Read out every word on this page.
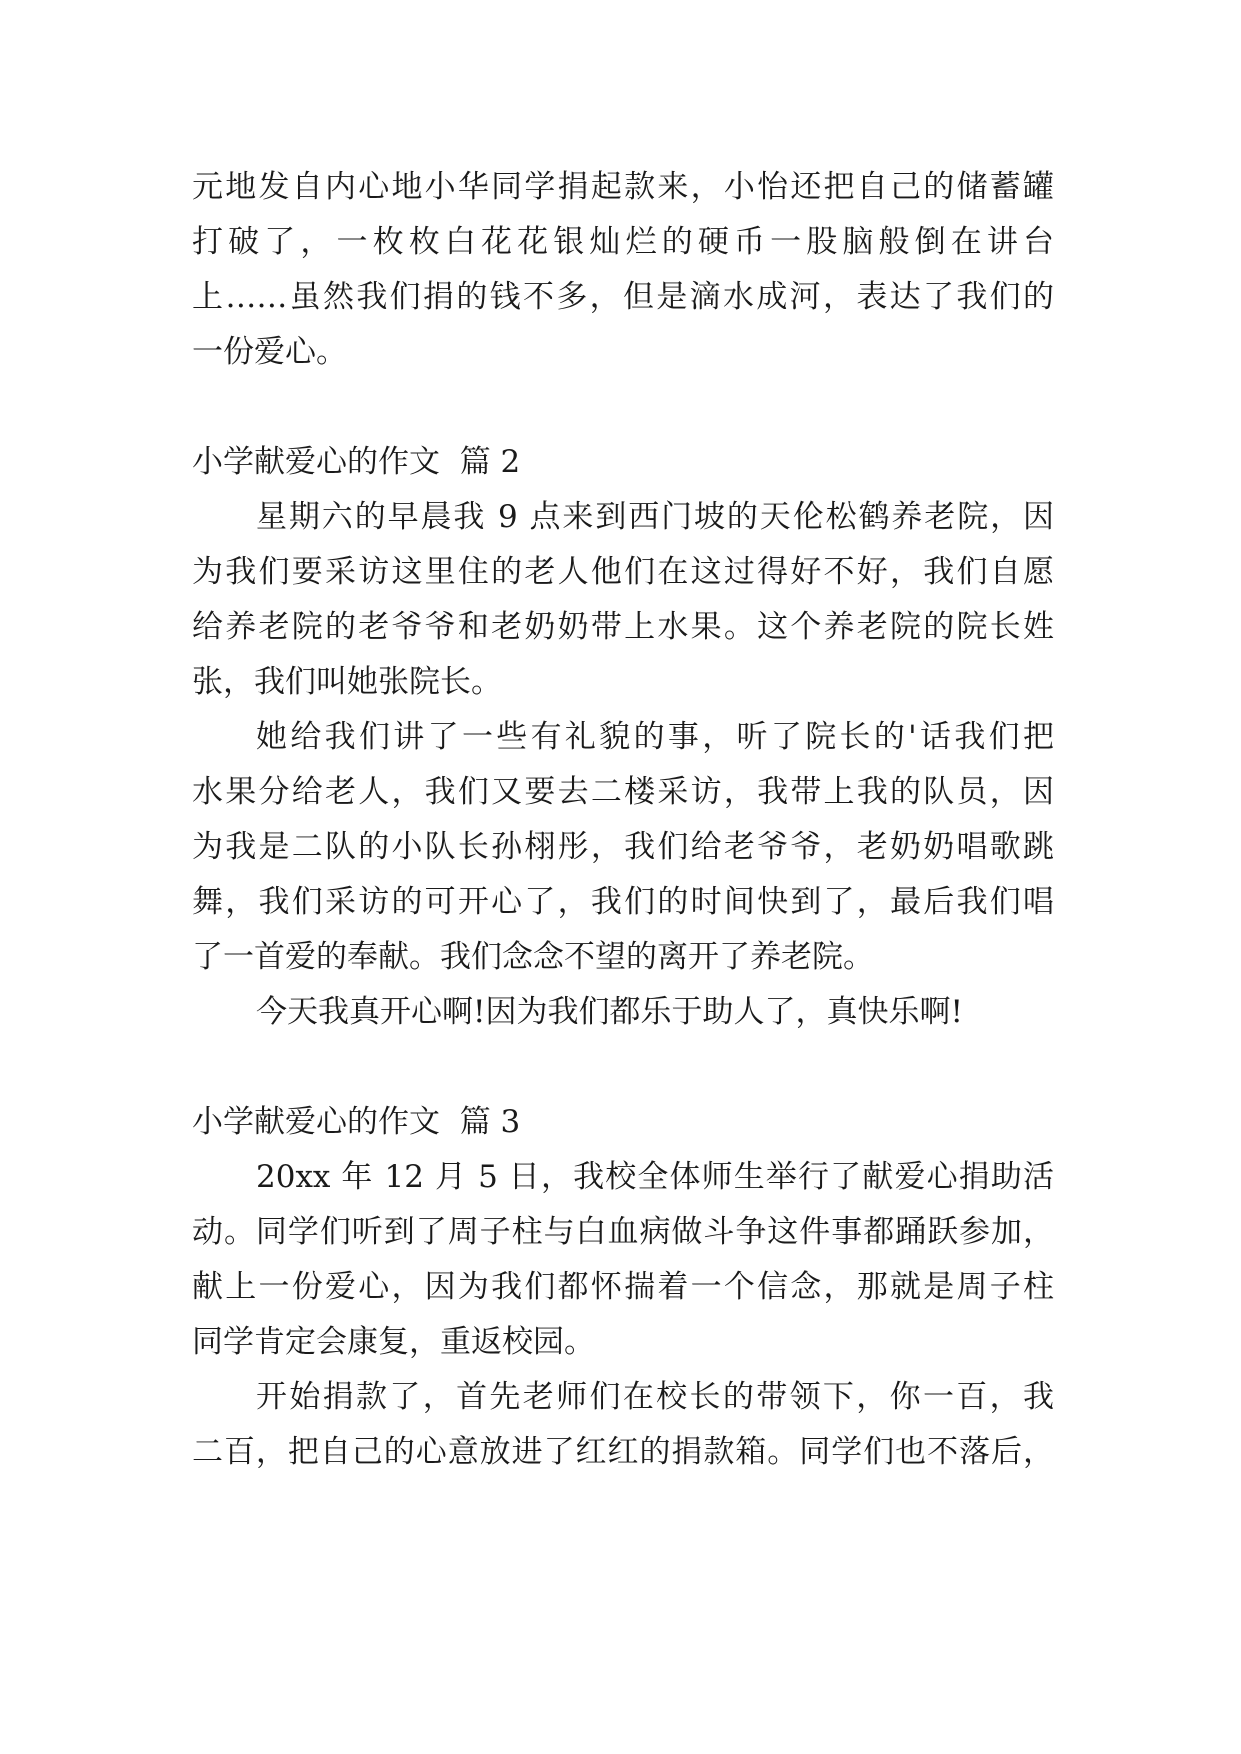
元地发自内心地小华同学捐起款来，小怡还把自己的储蓄罐
打破了，一枚枚白花花银灿烂的硬币一股脑般倒在讲台
上……虽然我们捐的钱不多，但是滴水成河，表达了我们的
一份爱心。
小学献爱心的作文  篇 2
星期六的早晨我 9 点来到西门坡的天伦松鹤养老院，因
为我们要采访这里住的老人他们在这过得好不好，我们自愿
给养老院的老爷爷和老奶奶带上水果。这个养老院的院长姓
张，我们叫她张院长。
她给我们讲了一些有礼貌的事，听了院长的'话我们把
水果分给老人，我们又要去二楼采访，我带上我的队员，因
为我是二队的小队长孙栩彤，我们给老爷爷，老奶奶唱歌跳
舞，我们采访的可开心了，我们的时间快到了，最后我们唱
了一首爱的奉献。我们念念不望的离开了养老院。
今天我真开心啊!因为我们都乐于助人了，真快乐啊!
小学献爱心的作文  篇 3
20xx 年 12 月 5 日，我校全体师生举行了献爱心捐助活
动。同学们听到了周子柱与白血病做斗争这件事都踊跃参加，
献上一份爱心，因为我们都怀揣着一个信念，那就是周子柱
同学肯定会康复，重返校园。
开始捐款了，首先老师们在校长的带领下，你一百，我
二百，把自己的心意放进了红红的捐款箱。同学们也不落后，
